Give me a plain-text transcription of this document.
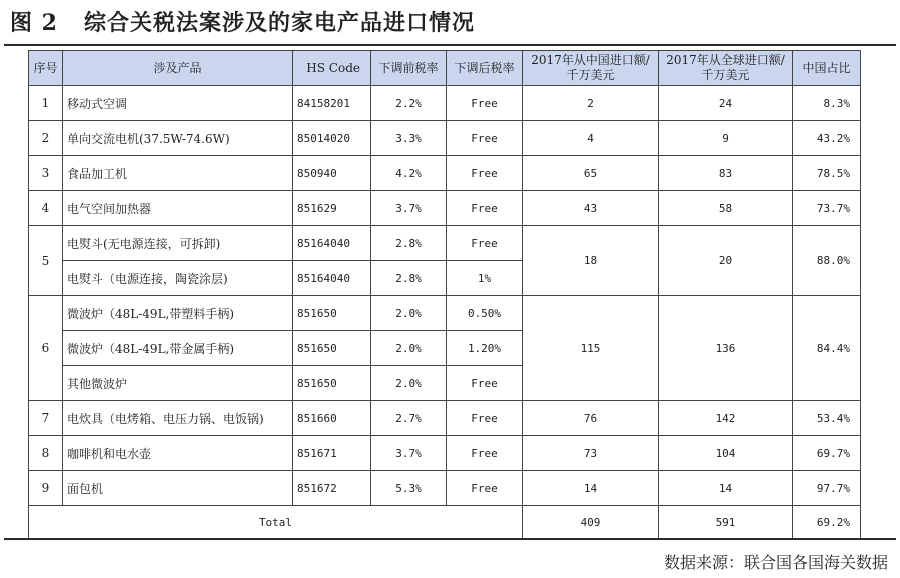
图 2 综合关税法案涉及的家电产品进口情况
序号	涉及产品	HS Code	下调前税率	下调后税率	2017年从中国进口额/千万美元	2017年从全球进口额/千万美元	中国占比
1	移动式空调	84158201	2.2%	Free	2	24	8.3%
2	单向交流电机(37.5W-74.6W)	85014020	3.3%	Free	4	9	43.2%
3	食品加工机	850940	4.2%	Free	65	83	78.5%
4	电气空间加热器	851629	3.7%	Free	43	58	73.7%
5	电熨斗(无电源连接，可拆卸)	85164040	2.8%	Free	18	20	88.0%
	电熨斗（电源连接，陶瓷涂层)	85164040	2.8%	1%			
6	微波炉（48L-49L,带塑料手柄)	851650	2.0%	0.50%	115	136	84.4%
	微波炉（48L-49L,带金属手柄)	851650	2.0%	1.20%			
	其他微波炉	851650	2.0%	Free			
7	电炊具（电烤箱、电压力锅、电饭锅)	851660	2.7%	Free	76	142	53.4%
8	咖啡机和电水壶	851671	3.7%	Free	73	104	69.7%
9	面包机	851672	5.3%	Free	14	14	97.7%
Total					409	591	69.2%
数据来源：联合国各国海关数据
